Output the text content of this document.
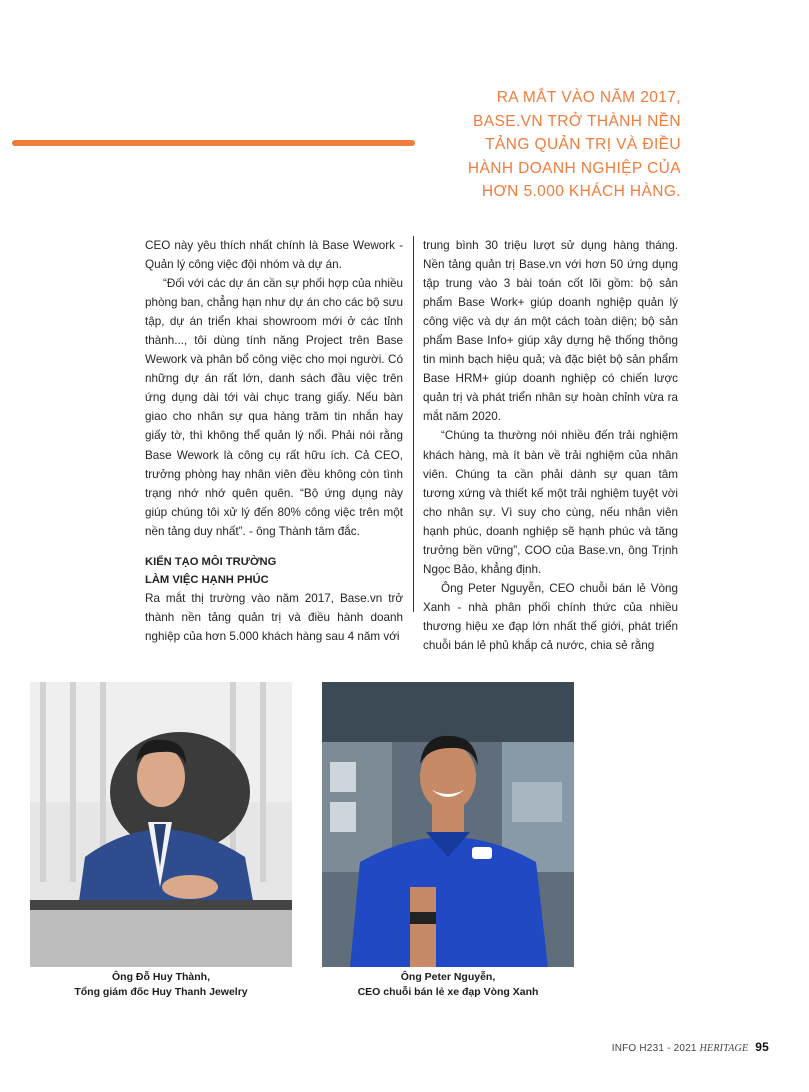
RA MẮT VÀO NĂM 2017,
BASE.VN TRỞ THÀNH NỀN
TẢNG QUẢN TRỊ VÀ ĐIỀU
HÀNH DOANH NGHIỆP CỦA
HƠN 5.000 KHÁCH HÀNG.

CEO này yêu thích nhất chính là Base Wework - Quản lý công việc đội nhóm và dự án.

“Đối với các dự án cần sự phối hợp của nhiều phòng ban, chẳng hạn như dự án cho các bộ sưu tập, dự án triển khai showroom mới ở các tỉnh thành..., tôi dùng tính năng Project trên Base Wework và phân bổ công việc cho mọi người. Có những dự án rất lớn, danh sách đầu việc trên ứng dụng dài tới vài chục trang giấy. Nếu bàn giao cho nhân sự qua hàng trăm tin nhắn hay giấy tờ, thì không thể quản lý nổi. Phải nói rằng Base Wework là công cụ rất hữu ích. Cả CEO, trưởng phòng hay nhân viên đều không còn tình trạng nhớ nhớ quên quên. “Bộ ứng dụng này giúp chúng tôi xử lý đến 80% công việc trên một nền tảng duy nhất”. - ông Thành tâm đắc.

KIẾN TẠO MÔI TRƯỜNG
LÀM VIỆC HẠNH PHÚC

Ra mắt thị trường vào năm 2017, Base.vn trở thành nền tảng quản trị và điều hành doanh nghiệp của hơn 5.000 khách hàng sau 4 năm với

trung bình 30 triệu lượt sử dụng hàng tháng. Nền tảng quản trị Base.vn với hơn 50 ứng dụng tập trung vào 3 bài toán cốt lõi gồm: bộ sản phẩm Base Work+ giúp doanh nghiệp quản lý công việc và dự án một cách toàn diện; bộ sản phẩm Base Info+ giúp xây dựng hệ thống thông tin minh bạch hiệu quả; và đặc biệt bộ sản phẩm Base HRM+ giúp doanh nghiệp có chiến lược quản trị và phát triển nhân sự hoàn chỉnh vừa ra mắt năm 2020.

“Chúng ta thường nói nhiều đến trải nghiệm khách hàng, mà ít bàn về trải nghiệm của nhân viên. Chúng ta cần phải dành sự quan tâm tương xứng và thiết kế một trải nghiệm tuyệt vời cho nhân sự. Vì suy cho cùng, nếu nhân viên hạnh phúc, doanh nghiệp sẽ hạnh phúc và tăng trưởng bền vững”, COO của Base.vn, ông Trịnh Ngọc Bảo, khẳng định.

Ông Peter Nguyễn, CEO chuỗi bán lẻ Vòng Xanh - nhà phân phối chính thức của nhiều thương hiệu xe đạp lớn nhất thế giới, phát triển chuỗi bán lẻ phủ khắp cả nước, chia sẻ rằng

Ông Đỗ Huy Thành,
Tổng giám đốc Huy Thanh Jewelry
Ông Peter Nguyễn,
CEO chuỗi bán lẻ xe đạp Vòng Xanh
INFO H231 - 2021 HERITAGE 95
